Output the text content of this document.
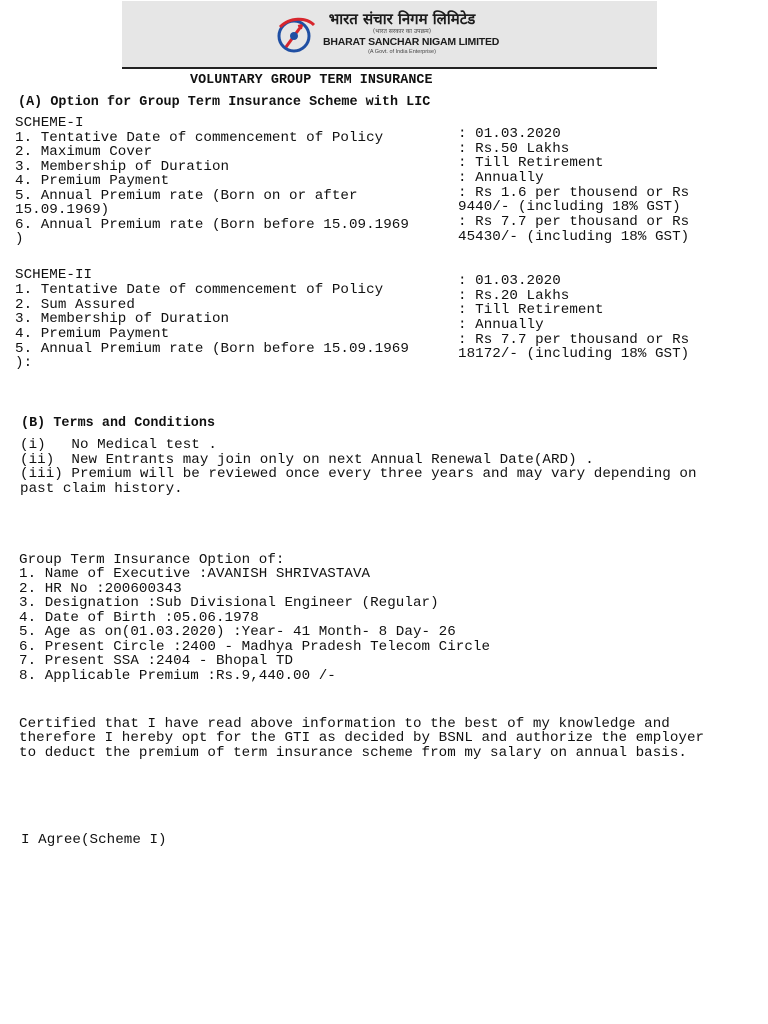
भारत संचार निगम लिमिटेड
(भारत सरकार का उपक्रम)
BHARAT SANCHAR NIGAM LIMITED
(A Govt. of India Enterprise)
VOLUNTARY GROUP TERM INSURANCE
(A) Option for Group Term Insurance Scheme with LIC
SCHEME-I
1. Tentative Date of commencement of Policy
2. Maximum Cover
3. Membership of Duration
4. Premium Payment
5. Annual Premium rate (Born on or after
15.09.1969)
6. Annual Premium rate (Born before 15.09.1969
)
: 01.03.2020
: Rs.50 Lakhs
: Till Retirement
: Annually
: Rs 1.6 per thousend or Rs
9440/- (including 18% GST)
: Rs 7.7 per thousand or Rs
45430/- (including 18% GST)
SCHEME-II
1. Tentative Date of commencement of Policy
2. Sum Assured
3. Membership of Duration
4. Premium Payment
5. Annual Premium rate (Born before 15.09.1969
):
: 01.03.2020
: Rs.20 Lakhs
: Till Retirement
: Annually
: Rs 7.7 per thousand or Rs
18172/- (including 18% GST)
(B) Terms and Conditions
(i)   No Medical test .
(ii)  New Entrants may join only on next Annual Renewal Date(ARD) .
(iii) Premium will be reviewed once every three years and may vary depending on
past claim history.
Group Term Insurance Option of:
1. Name of Executive :AVANISH SHRIVASTAVA
2. HR No :200600343
3. Designation :Sub Divisional Engineer (Regular)
4. Date of Birth :05.06.1978
5. Age as on(01.03.2020) :Year- 41 Month- 8 Day- 26
6. Present Circle :2400 - Madhya Pradesh Telecom Circle
7. Present SSA :2404 - Bhopal TD
8. Applicable Premium :Rs.9,440.00 /-
Certified that I have read above information to the best of my knowledge and
therefore I hereby opt for the GTI as decided by BSNL and authorize the employer
to deduct the premium of term insurance scheme from my salary on annual basis.
I Agree(Scheme I)
